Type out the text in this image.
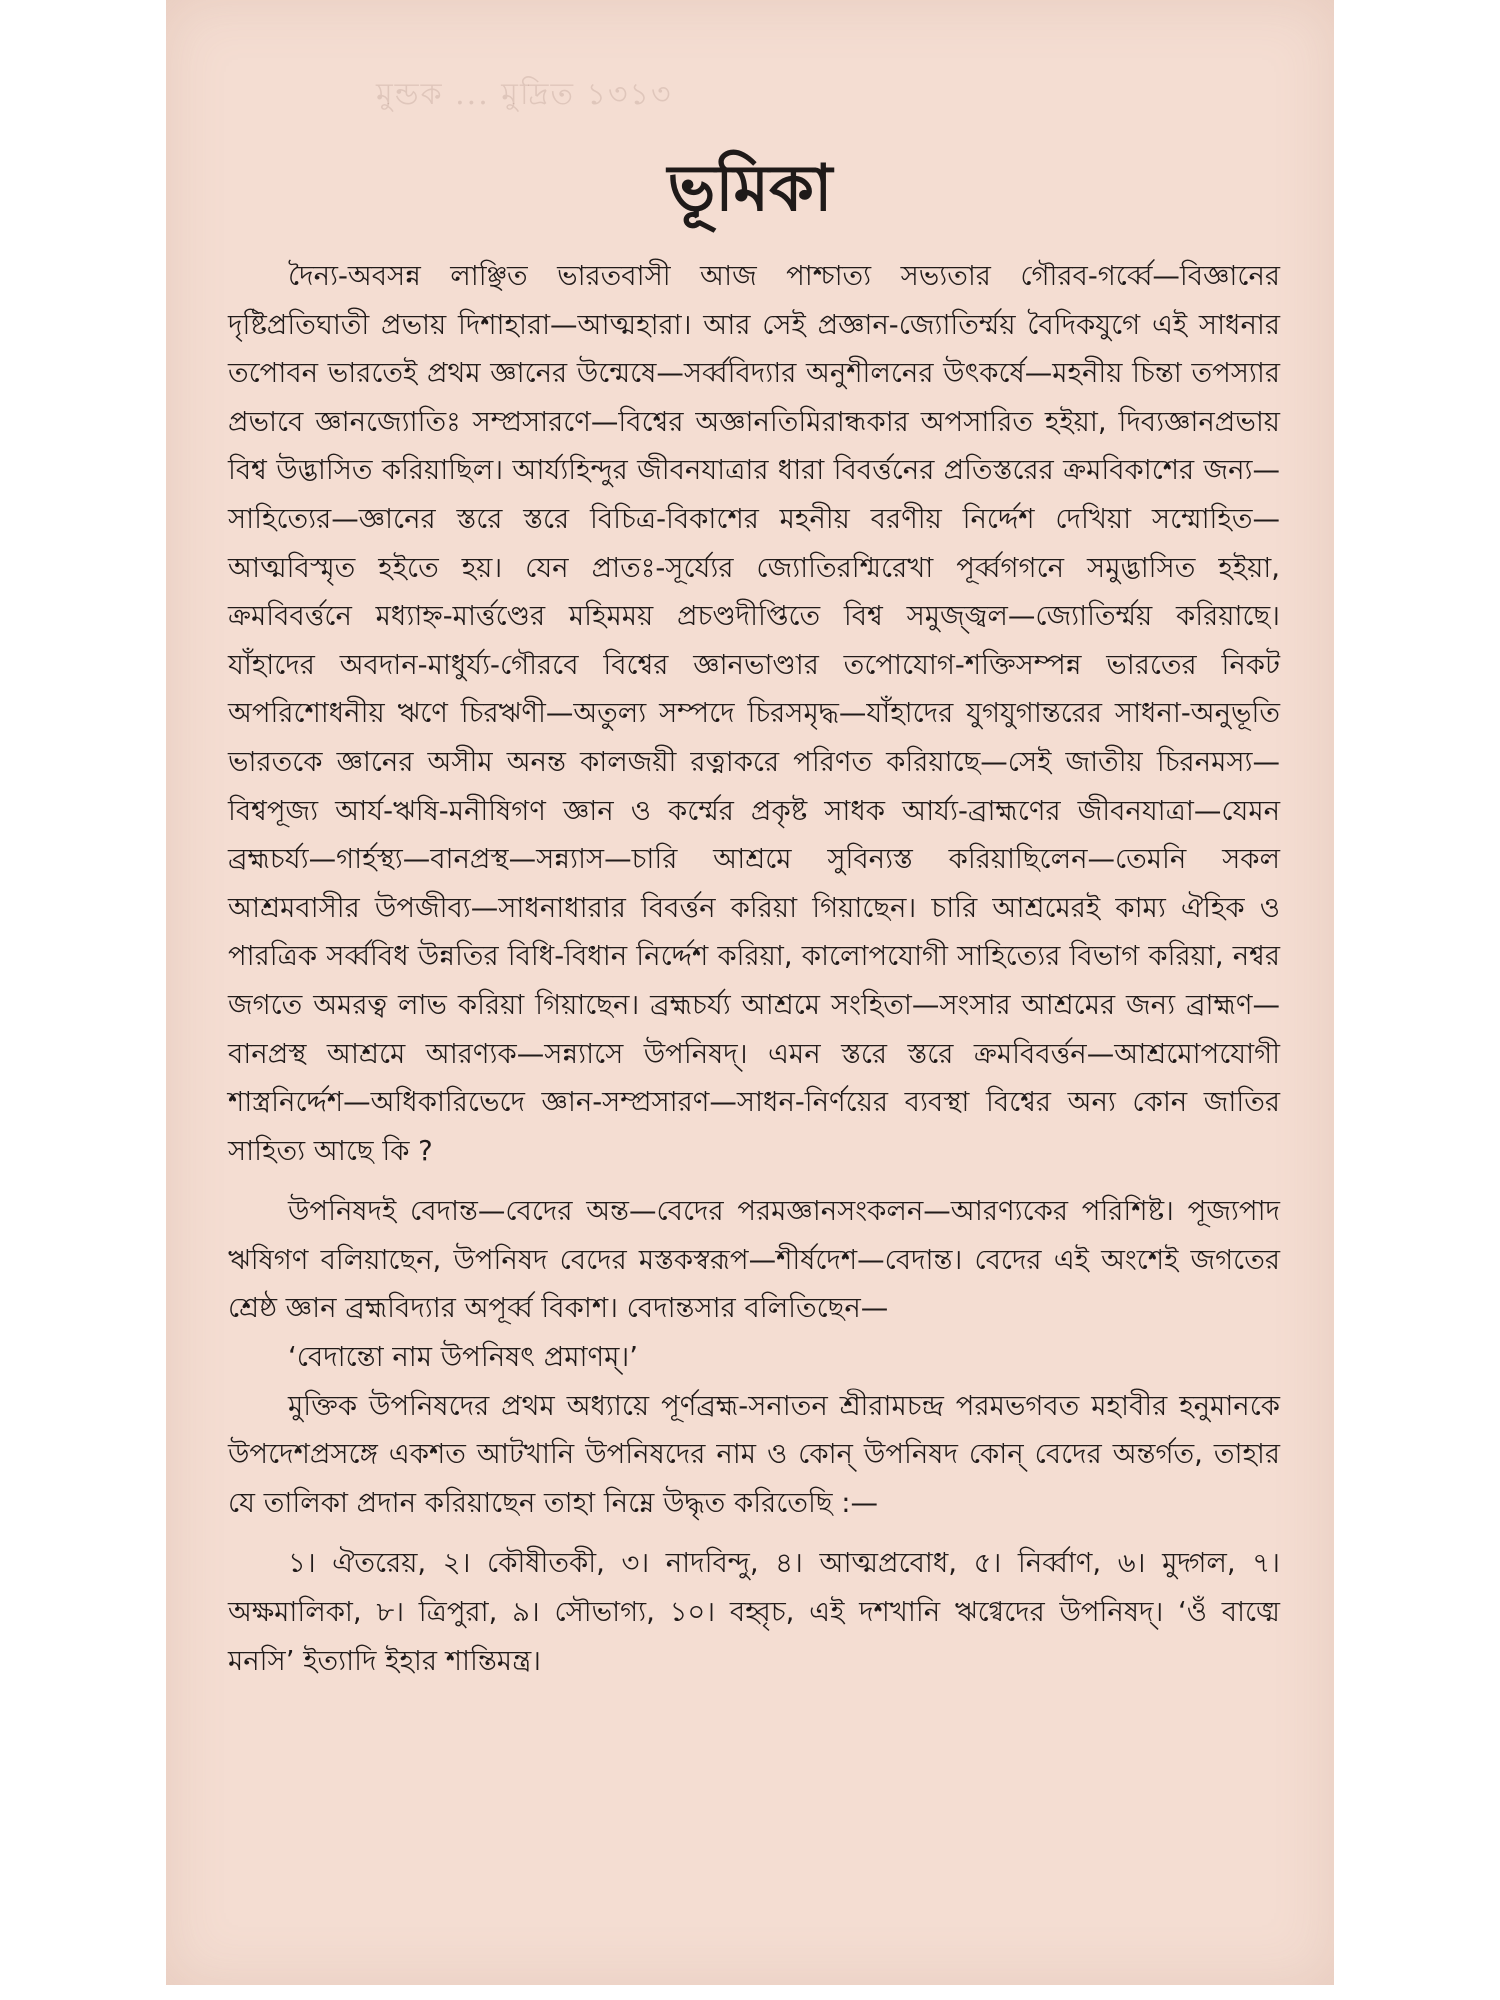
মুন্ডক ... মুদ্রিত ১৩১৩
ভূমিকা

দৈন্য-অবসন্ন লাঞ্ছিত ভারতবাসী আজ পাশ্চাত্য সভ্যতার গৌরব-গর্ব্বে—বিজ্ঞানের দৃষ্টিপ্রতিঘাতী প্রভায় দিশাহারা—আত্মহারা। আর সেই প্রজ্ঞান-জ্যোতির্ম্ময় বৈদিকযুগে এই সাধনার তপোবন ভারতেই প্রথম জ্ঞানের উন্মেষে—সর্ব্ববিদ্যার অনুশীলনের উৎকর্ষে—মহনীয় চিন্তা তপস্যার প্রভাবে জ্ঞানজ্যোতিঃ সম্প্রসারণে—বিশ্বের অজ্ঞানতিমিরান্ধকার অপসারিত হইয়া, দিব্যজ্ঞানপ্রভায় বিশ্ব উদ্ভাসিত করিয়াছিল। আর্য্যহিন্দুর জীবনযাত্রার ধারা বিবর্ত্তনের প্রতিস্তরের ক্রমবিকাশের জন্য—সাহিত্যের—জ্ঞানের স্তরে স্তরে বিচিত্র-বিকাশের মহনীয় বরণীয় নির্দ্দেশ দেখিয়া সম্মোহিত—আত্মবিস্মৃত হইতে হয়। যেন প্রাতঃ-সূর্য্যের জ্যোতিরশ্মিরেখা পূর্ব্বগগনে সমুদ্ভাসিত হইয়া, ক্রমবিবর্ত্তনে মধ্যাহ্ন-মার্ত্তণ্ডের মহিমময় প্রচণ্ডদীপ্তিতে বিশ্ব সমুজ্জ্বল—জ্যোতির্ম্ময় করিয়াছে। যাঁহাদের অবদান-মাধুর্য্য-গৌরবে বিশ্বের জ্ঞানভাণ্ডার তপোযোগ-শক্তিসম্পন্ন ভারতের নিকট অপরিশোধনীয় ঋণে চিরঋণী—অতুল্য সম্পদে চিরসমৃদ্ধ—যাঁহাদের যুগযুগান্তরের সাধনা-অনুভূতি ভারতকে জ্ঞানের অসীম অনন্ত কালজয়ী রত্নাকরে পরিণত করিয়াছে—সেই জাতীয় চিরনমস্য—বিশ্বপূজ্য আর্য-ঋষি-মনীষিগণ জ্ঞান ও কর্ম্মের প্রকৃষ্ট সাধক আর্য্য-ব্রাহ্মণের জীবনযাত্রা—যেমন ব্রহ্মচর্য্য—গার্হস্থ্য—বানপ্রস্থ—সন্ন্যাস—চারি আশ্রমে সুবিন্যস্ত করিয়াছিলেন—তেমনি সকল আশ্রমবাসীর উপজীব্য—সাধনাধারার বিবর্ত্তন করিয়া গিয়াছেন। চারি আশ্রমেরই কাম্য ঐহিক ও পারত্রিক সর্ব্ববিধ উন্নতির বিধি-বিধান নির্দ্দেশ করিয়া, কালোপযোগী সাহিত্যের বিভাগ করিয়া, নশ্বর জগতে অমরত্ব লাভ করিয়া গিয়াছেন। ব্রহ্মচর্য্য আশ্রমে সংহিতা—সংসার আশ্রমের জন্য ব্রাহ্মণ—বানপ্রস্থ আশ্রমে আরণ্যক—সন্ন্যাসে উপনিষদ্। এমন স্তরে স্তরে ক্রমবিবর্ত্তন—আশ্রমোপযোগী শাস্ত্রনির্দ্দেশ—অধিকারিভেদে জ্ঞান-সম্প্রসারণ—সাধন-নির্ণয়ের ব্যবস্থা বিশ্বের অন্য কোন জাতির সাহিত্য আছে কি ?

উপনিষদই বেদান্ত—বেদের অন্ত—বেদের পরমজ্ঞানসংকলন—আরণ্যকের পরিশিষ্ট। পূজ্যপাদ ঋষিগণ বলিয়াছেন, উপনিষদ বেদের মস্তকস্বরূপ—শীর্ষদেশ—বেদান্ত। বেদের এই অংশেই জগতের শ্রেষ্ঠ জ্ঞান ব্রহ্মবিদ্যার অপূর্ব্ব বিকাশ। বেদান্তসার বলিতিছেন—

‘বেদান্তো নাম উপনিষৎ প্রমাণম্।’

মুক্তিক উপনিষদের প্রথম অধ্যায়ে পূর্ণব্রহ্ম-সনাতন শ্রীরামচন্দ্র পরমভগবত মহাবীর হনুমানকে উপদেশপ্রসঙ্গে একশত আটখানি উপনিষদের নাম ও কোন্ উপনিষদ কোন্ বেদের অন্তর্গত, তাহার যে তালিকা প্রদান করিয়াছেন তাহা নিম্নে উদ্ধৃত করিতেছি :—

১। ঐতরেয়, ২। কৌষীতকী, ৩। নাদবিন্দু, ৪। আত্মপ্রবোধ, ৫। নির্ব্বাণ, ৬। মুদ্গল, ৭। অক্ষমালিকা, ৮। ত্রিপুরা, ৯। সৌভাগ্য, ১০। বহ্বৃচ, এই দশখানি ঋগ্বেদের উপনিষদ্। ‘ওঁ বাঙ্মে মনসি’ ইত্যাদি ইহার শান্তিমন্ত্র।
